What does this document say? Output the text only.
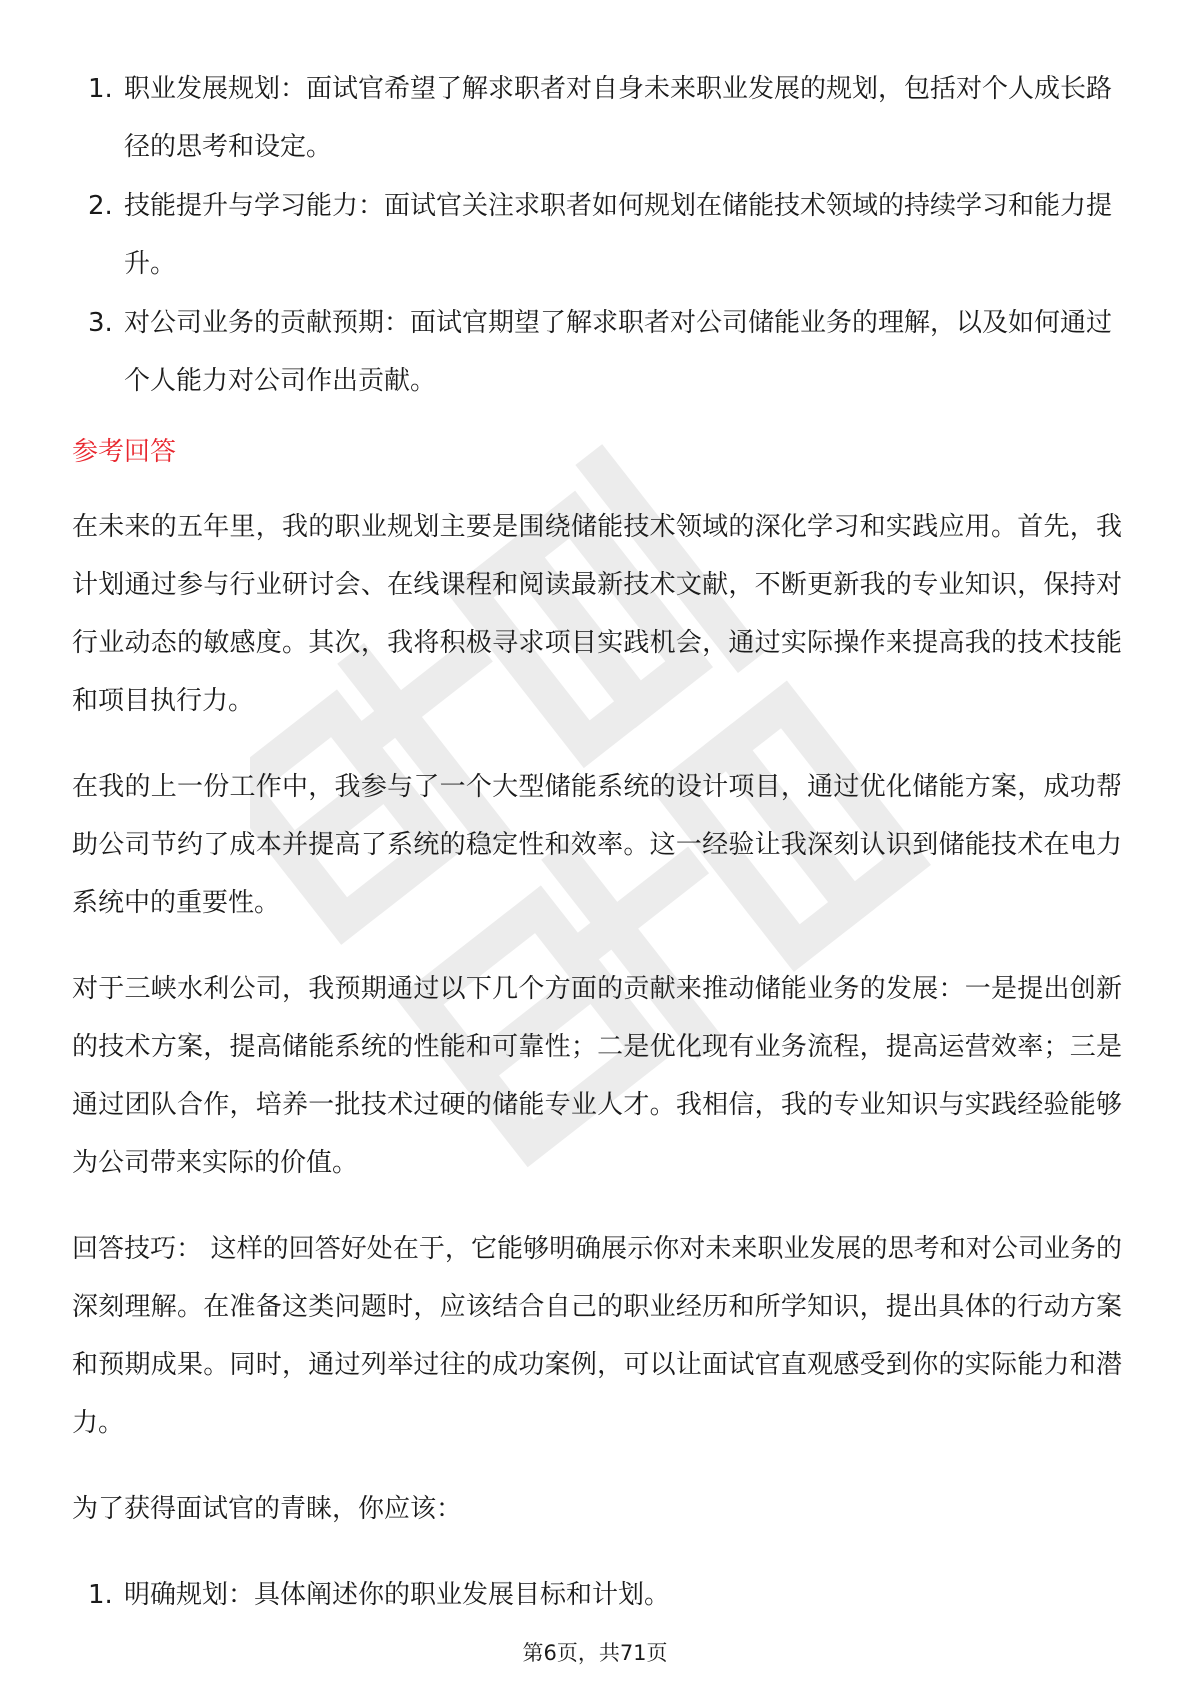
1. 职业发展规划：面试官希望了解求职者对自身未来职业发展的规划，包括对个人成长路径的思考和设定。
2. 技能提升与学习能力：面试官关注求职者如何规划在储能技术领域的持续学习和能力提升。
3. 对公司业务的贡献预期：面试官期望了解求职者对公司储能业务的理解，以及如何通过个人能力对公司作出贡献。
参考回答

在未来的五年里，我的职业规划主要是围绕储能技术领域的深化学习和实践应用。首先，我计划通过参与行业研讨会、在线课程和阅读最新技术文献，不断更新我的专业知识，保持对行业动态的敏感度。其次，我将积极寻求项目实践机会，通过实际操作来提高我的技术技能和项目执行力。

在我的上一份工作中，我参与了一个大型储能系统的设计项目，通过优化储能方案，成功帮助公司节约了成本并提高了系统的稳定性和效率。这一经验让我深刻认识到储能技术在电力系统中的重要性。

对于三峡水利公司，我预期通过以下几个方面的贡献来推动储能业务的发展：一是提出创新的技术方案，提高储能系统的性能和可靠性；二是优化现有业务流程，提高运营效率；三是通过团队合作，培养一批技术过硬的储能专业人才。我相信，我的专业知识与实践经验能够为公司带来实际的价值。

回答技巧： 这样的回答好处在于，它能够明确展示你对未来职业发展的思考和对公司业务的深刻理解。在准备这类问题时，应该结合自己的职业经历和所学知识，提出具体的行动方案和预期成果。同时，通过列举过往的成功案例，可以让面试官直观感受到你的实际能力和潜力。

为了获得面试官的青睐，你应该：

1. 明确规划：具体阐述你的职业发展目标和计划。
第6页，共71页
